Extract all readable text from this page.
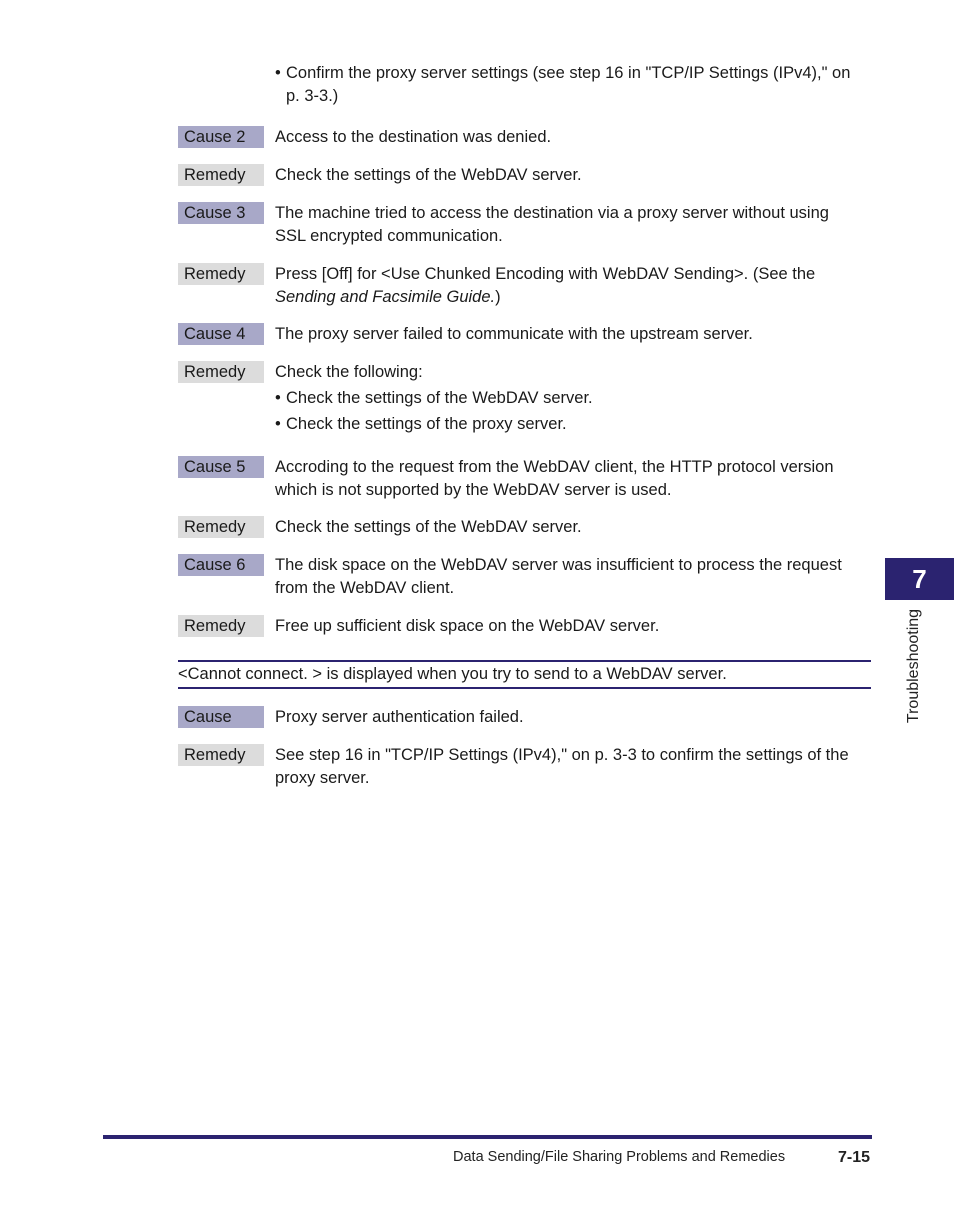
• Confirm the proxy server settings (see step 16 in "TCP/IP Settings (IPv4)," on
p. 3-3.)
Cause 2	Access to the destination was denied.
Remedy	Check the settings of the WebDAV server.
Cause 3	The machine tried to access the destination via a proxy server without using
SSL encrypted communication.
Remedy	Press [Off] for <Use Chunked Encoding with WebDAV Sending>. (See the
Sending and Facsimile Guide.)
Cause 4	The proxy server failed to communicate with the upstream server.
Remedy	Check the following:
• Check the settings of the WebDAV server.
• Check the settings of the proxy server.
Cause 5	Accroding to the request from the WebDAV client, the HTTP protocol version
which is not supported by the WebDAV server is used.
Remedy	Check the settings of the WebDAV server.
Cause 6	The disk space on the WebDAV server was insufficient to process the request
from the WebDAV client.
Remedy	Free up sufficient disk space on the WebDAV server.
<Cannot connect. > is displayed when you try to send to a WebDAV server.
Cause	Proxy server authentication failed.
Remedy	See step 16 in "TCP/IP Settings (IPv4)," on p. 3-3 to confirm the settings of the
proxy server.
7
Troubleshooting
Data Sending/File Sharing Problems and Remedies	7-15
